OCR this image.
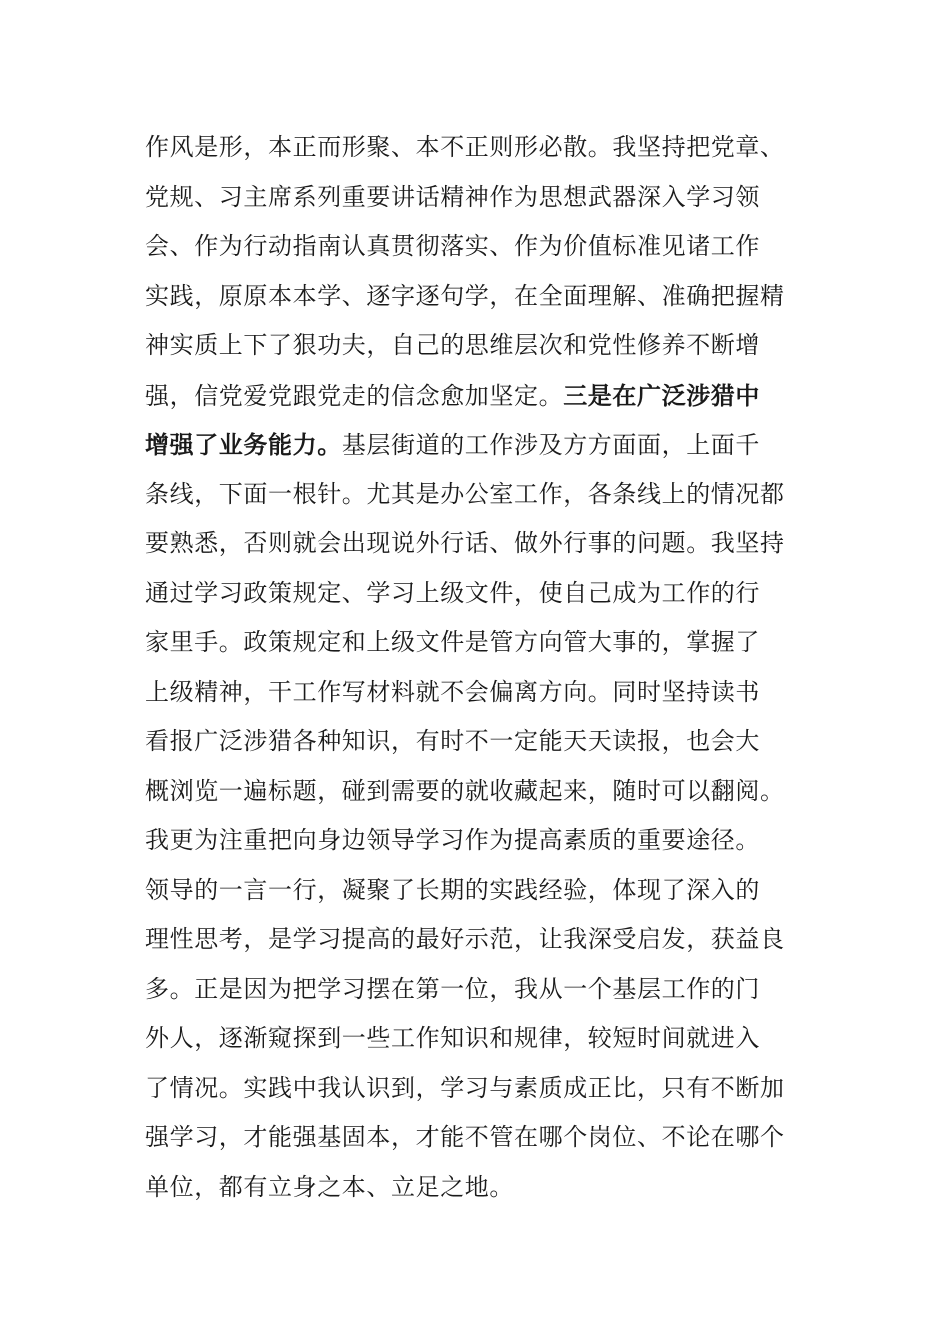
作风是形，本正而形聚、本不正则形必散。我坚持把党章、
党规、习主席系列重要讲话精神作为思想武器深入学习领
会、作为行动指南认真贯彻落实、作为价值标准见诸工作
实践，原原本本学、逐字逐句学，在全面理解、准确把握精
神实质上下了狠功夫，自己的思维层次和党性修养不断增
强，信党爱党跟党走的信念愈加坚定。三是在广泛涉猎中
增强了业务能力。基层街道的工作涉及方方面面，上面千
条线，下面一根针。尤其是办公室工作，各条线上的情况都
要熟悉，否则就会出现说外行话、做外行事的问题。我坚持
通过学习政策规定、学习上级文件，使自己成为工作的行
家里手。政策规定和上级文件是管方向管大事的，掌握了
上级精神，干工作写材料就不会偏离方向。同时坚持读书
看报广泛涉猎各种知识，有时不一定能天天读报，也会大
概浏览一遍标题，碰到需要的就收藏起来，随时可以翻阅。
我更为注重把向身边领导学习作为提高素质的重要途径。
领导的一言一行，凝聚了长期的实践经验，体现了深入的
理性思考，是学习提高的最好示范，让我深受启发，获益良
多。正是因为把学习摆在第一位，我从一个基层工作的门
外人，逐渐窥探到一些工作知识和规律，较短时间就进入
了情况。实践中我认识到，学习与素质成正比，只有不断加
强学习，才能强基固本，才能不管在哪个岗位、不论在哪个
单位，都有立身之本、立足之地。
